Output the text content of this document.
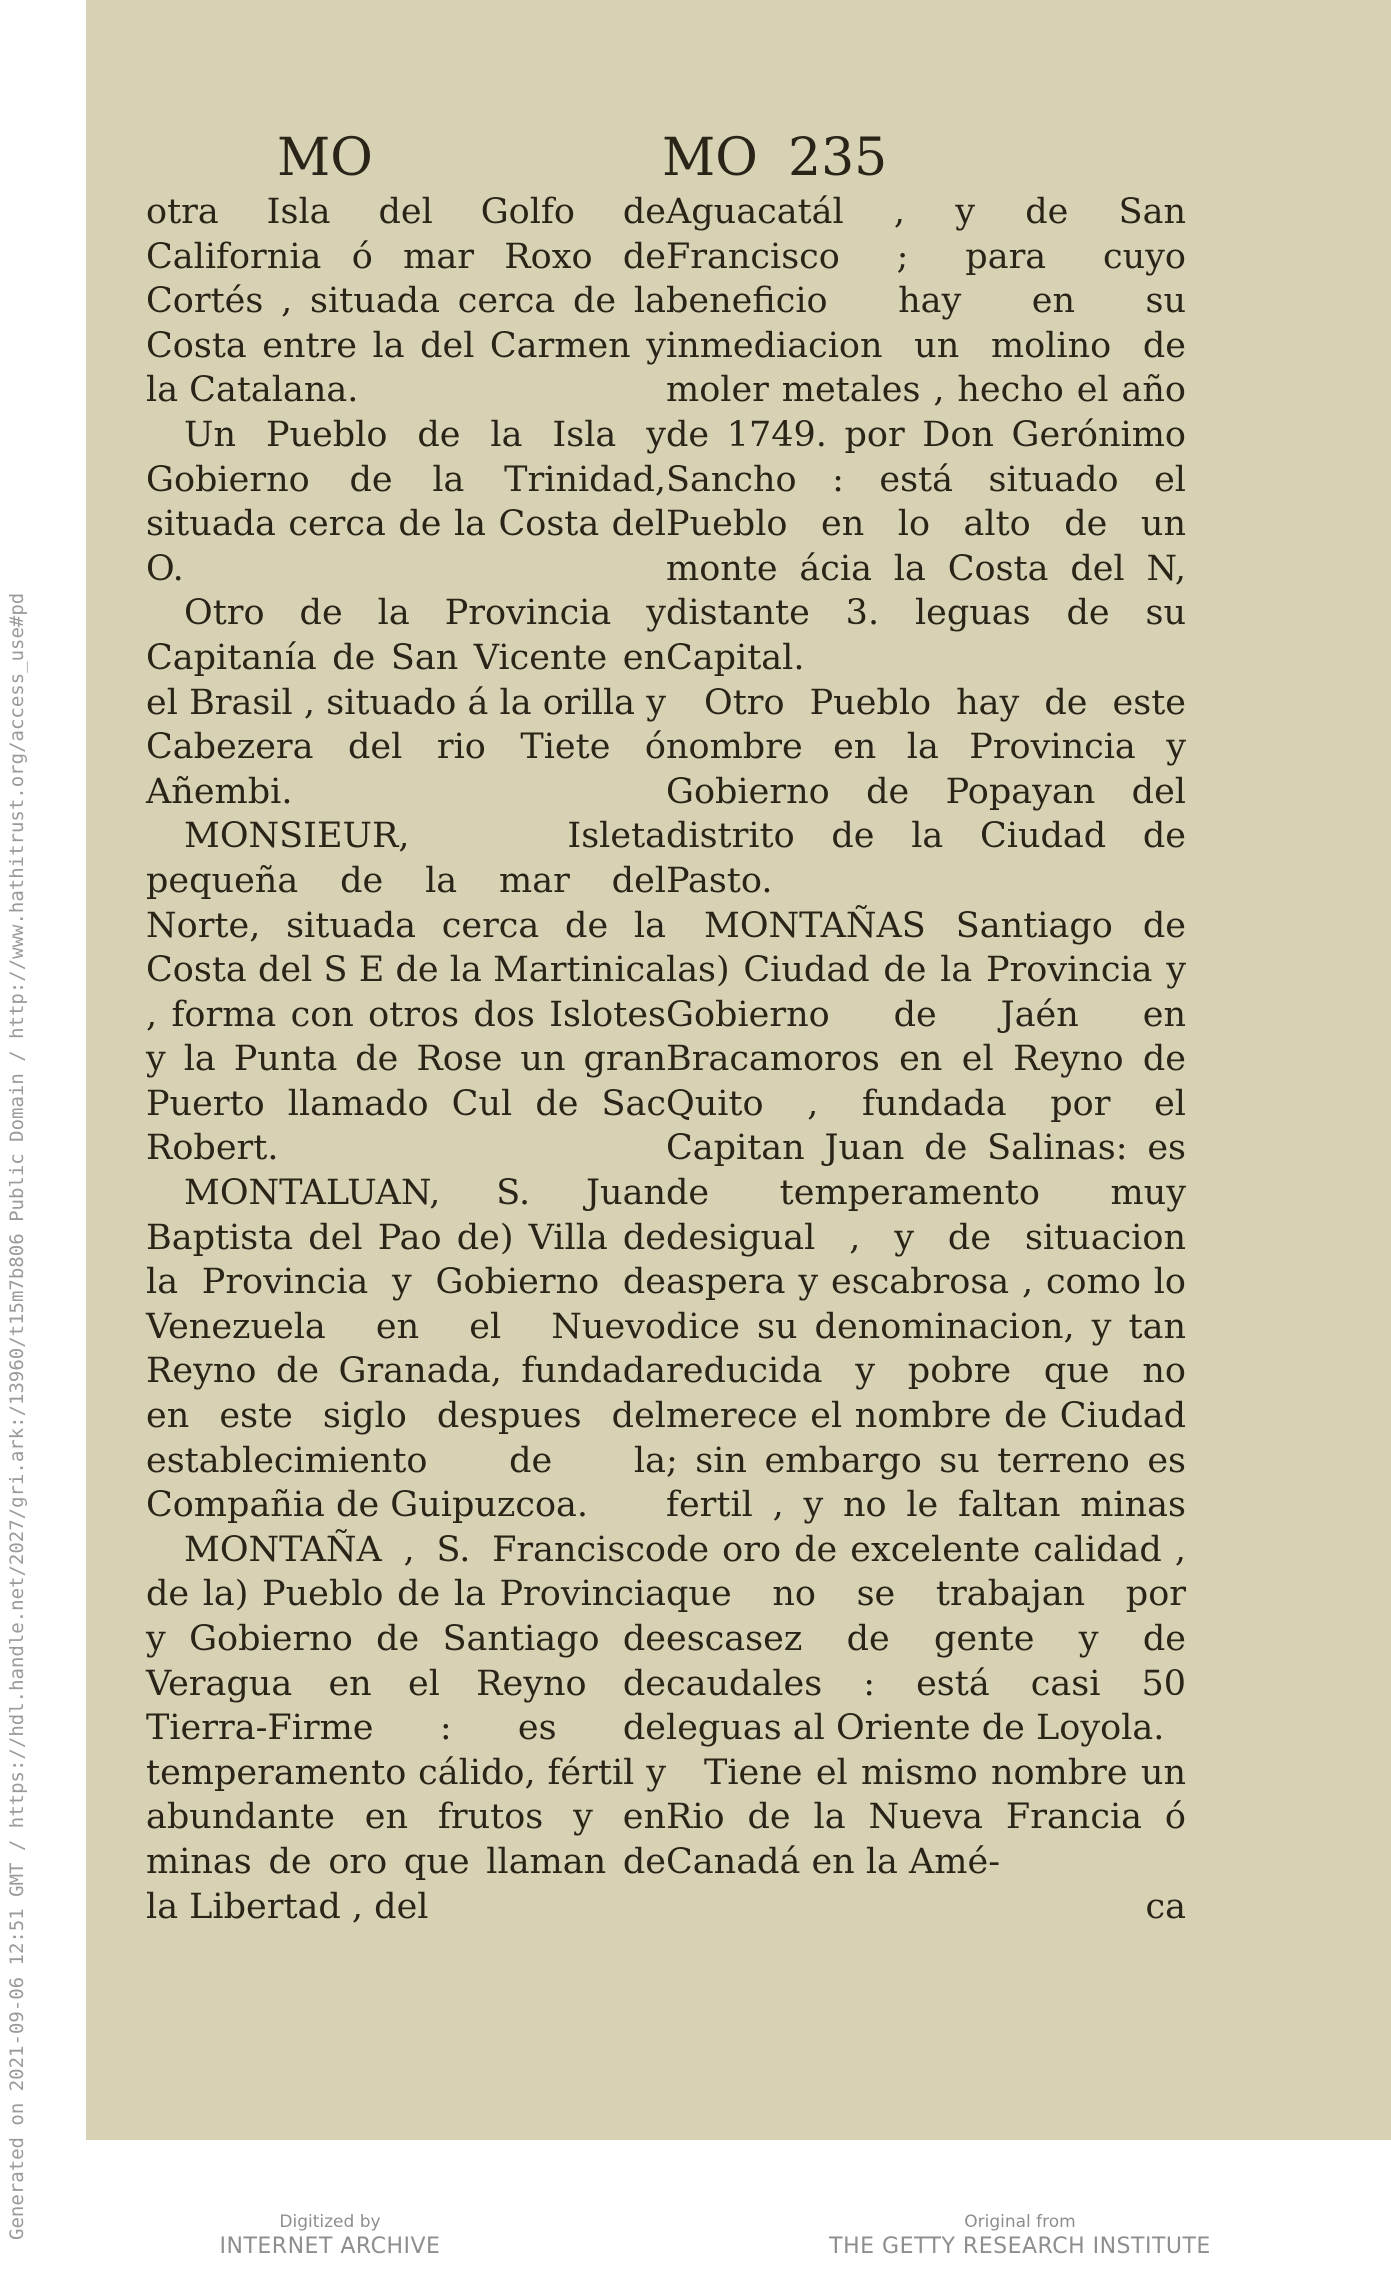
Generated on 2021-09-06 12:51 GMT / https://hdl.handle.net/2027/gri.ark:/13960/t15m7b806 Public Domain / http://www.hathitrust.org/access_use#pd
MO	MO 235

otra Isla del Golfo de California ó mar Roxo de Cortés , situada cerca de la Costa entre la del Carmen y la Catalana.

Un Pueblo de la Isla y Gobierno de la Trinidad, situada cerca de la Costa del O.

Otro de la Provincia y Capitanía de San Vicente en el Brasil , situado á la orilla y Cabezera del rio Tiete ó Añembi.

MONSIEUR, Isleta pequeña de la mar del Norte, situada cerca de la Costa del S E de la Martinica , forma con otros dos Islotes y la Punta de Rose un gran Puerto llamado Cul de Sac Robert.

MONTALUAN, S. Juan Baptista del Pao de) Villa de la Provincia y Gobierno de Venezuela en el Nuevo Reyno de Granada, fundada en este siglo despues del establecimiento de la Compañia de Guipuzcoa.

MONTAÑA , S. Francisco de la) Pueblo de la Provincia y Gobierno de Santiago de Veragua en el Reyno de Tierra-Firme : es de temperamento cálido, fértil y abundante en frutos y en minas de oro que llaman de la Libertad , del

Aguacatál , y de San Francisco ; para cuyo beneficio hay en su inmediacion un molino de moler metales , hecho el año de 1749. por Don Gerónimo Sancho : está situado el Pueblo en lo alto de un monte ácia la Costa del N, distante 3. leguas de su Capital.

Otro Pueblo hay de este nombre en la Provincia y Gobierno de Popayan del distrito de la Ciudad de Pasto.

MONTAÑAS Santiago de las) Ciudad de la Provincia y Gobierno de Jaén en Bracamoros en el Reyno de Quito , fundada por el Capitan Juan de Salinas: es de temperamento muy desigual , y de situacion aspera y escabrosa , como lo dice su denominacion, y tan reducida y pobre que no merece el nombre de Ciudad ; sin embargo su terreno es fertil , y no le faltan minas de oro de excelente calidad , que no se trabajan por escasez de gente y de caudales : está casi 50 leguas al Oriente de Loyola.

Tiene el mismo nombre un Rio de la Nueva Francia ó Canadá en la Amé-

ca

Digitized by
INTERNET ARCHIVE
Original from
THE GETTY RESEARCH INSTITUTE
